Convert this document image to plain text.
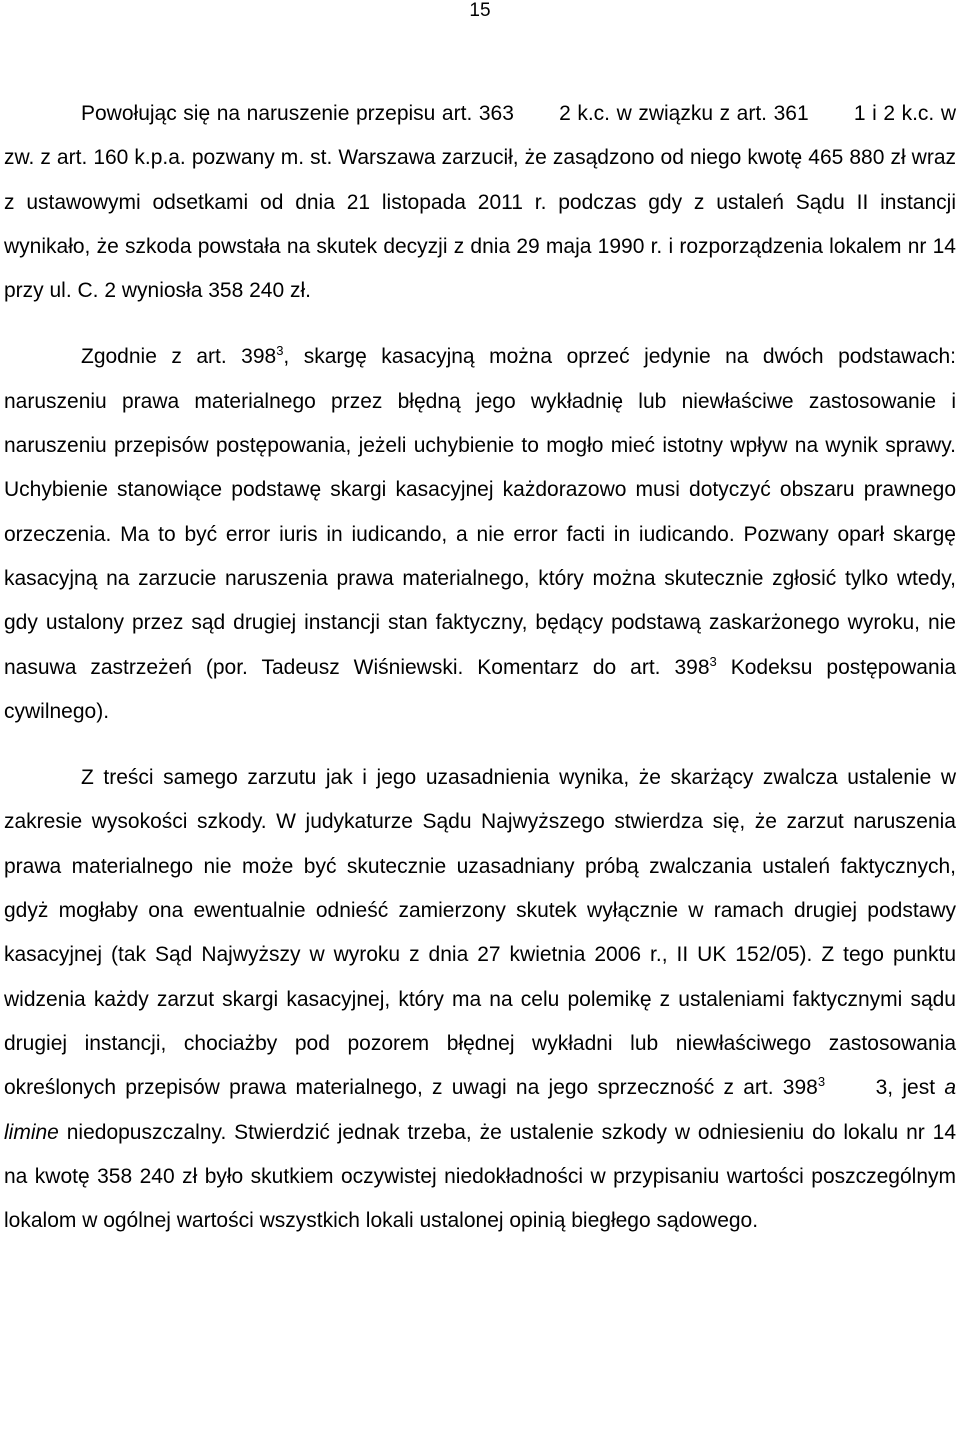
15

Powołując się na naruszenie przepisu art. 363 2 k.c. w związku z art. 361 1 i 2 k.c. w zw. z art. 160 k.p.a. pozwany m. st. Warszawa zarzucił, że zasądzono od niego kwotę 465 880 zł wraz z ustawowymi odsetkami od dnia 21 listopada 2011 r. podczas gdy z ustaleń Sądu II instancji wynikało, że szkoda powstała na skutek decyzji z dnia 29 maja 1990 r. i rozporządzenia lokalem nr 14 przy ul. C. 2 wyniosła 358 240 zł.

Zgodnie z art. $398^3$, skargę kasacyjną można oprzeć jedynie na dwóch podstawach: naruszeniu prawa materialnego przez błędną jego wykładnię lub niewłaściwe zastosowanie i naruszeniu przepisów postępowania, jeżeli uchybienie to mogło mieć istotny wpływ na wynik sprawy. Uchybienie stanowiące podstawę skargi kasacyjnej każdorazowo musi dotyczyć obszaru prawnego orzeczenia. Ma to być error iuris in iudicando, a nie error facti in iudicando. Pozwany oparł skargę kasacyjną na zarzucie naruszenia prawa materialnego, który można skutecznie zgłosić tylko wtedy, gdy ustalony przez sąd drugiej instancji stan faktyczny, będący podstawą zaskarżonego wyroku, nie nasuwa zastrzeżeń (por. Tadeusz Wiśniewski. Komentarz do art. $398^3$ Kodeksu postępowania cywilnego).

Z treści samego zarzutu jak i jego uzasadnienia wynika, że skarżący zwalcza ustalenie w zakresie wysokości szkody. W judykaturze Sądu Najwyższego stwierdza się, że zarzut naruszenia prawa materialnego nie może być skutecznie uzasadniany próbą zwalczania ustaleń faktycznych, gdyż mogłaby ona ewentualnie odnieść zamierzony skutek wyłącznie w ramach drugiej podstawy kasacyjnej (tak Sąd Najwyższy w wyroku z dnia 27 kwietnia 2006 r., II UK 152/05). Z tego punktu widzenia każdy zarzut skargi kasacyjnej, który ma na celu polemikę z ustaleniami faktycznymi sądu drugiej instancji, chociażby pod pozorem błędnej wykładni lub niewłaściwego zastosowania określonych przepisów prawa materialnego, z uwagi na jego sprzeczność z art. $398^3$ 3, jest a limine niedopuszczalny. Stwierdzić jednak trzeba, że ustalenie szkody w odniesieniu do lokalu nr 14 na kwotę 358 240 zł było skutkiem oczywistej niedokładności w przypisaniu wartości poszczególnym lokalom w ogólnej wartości wszystkich lokali ustalonej opinią biegłego sądowego.
